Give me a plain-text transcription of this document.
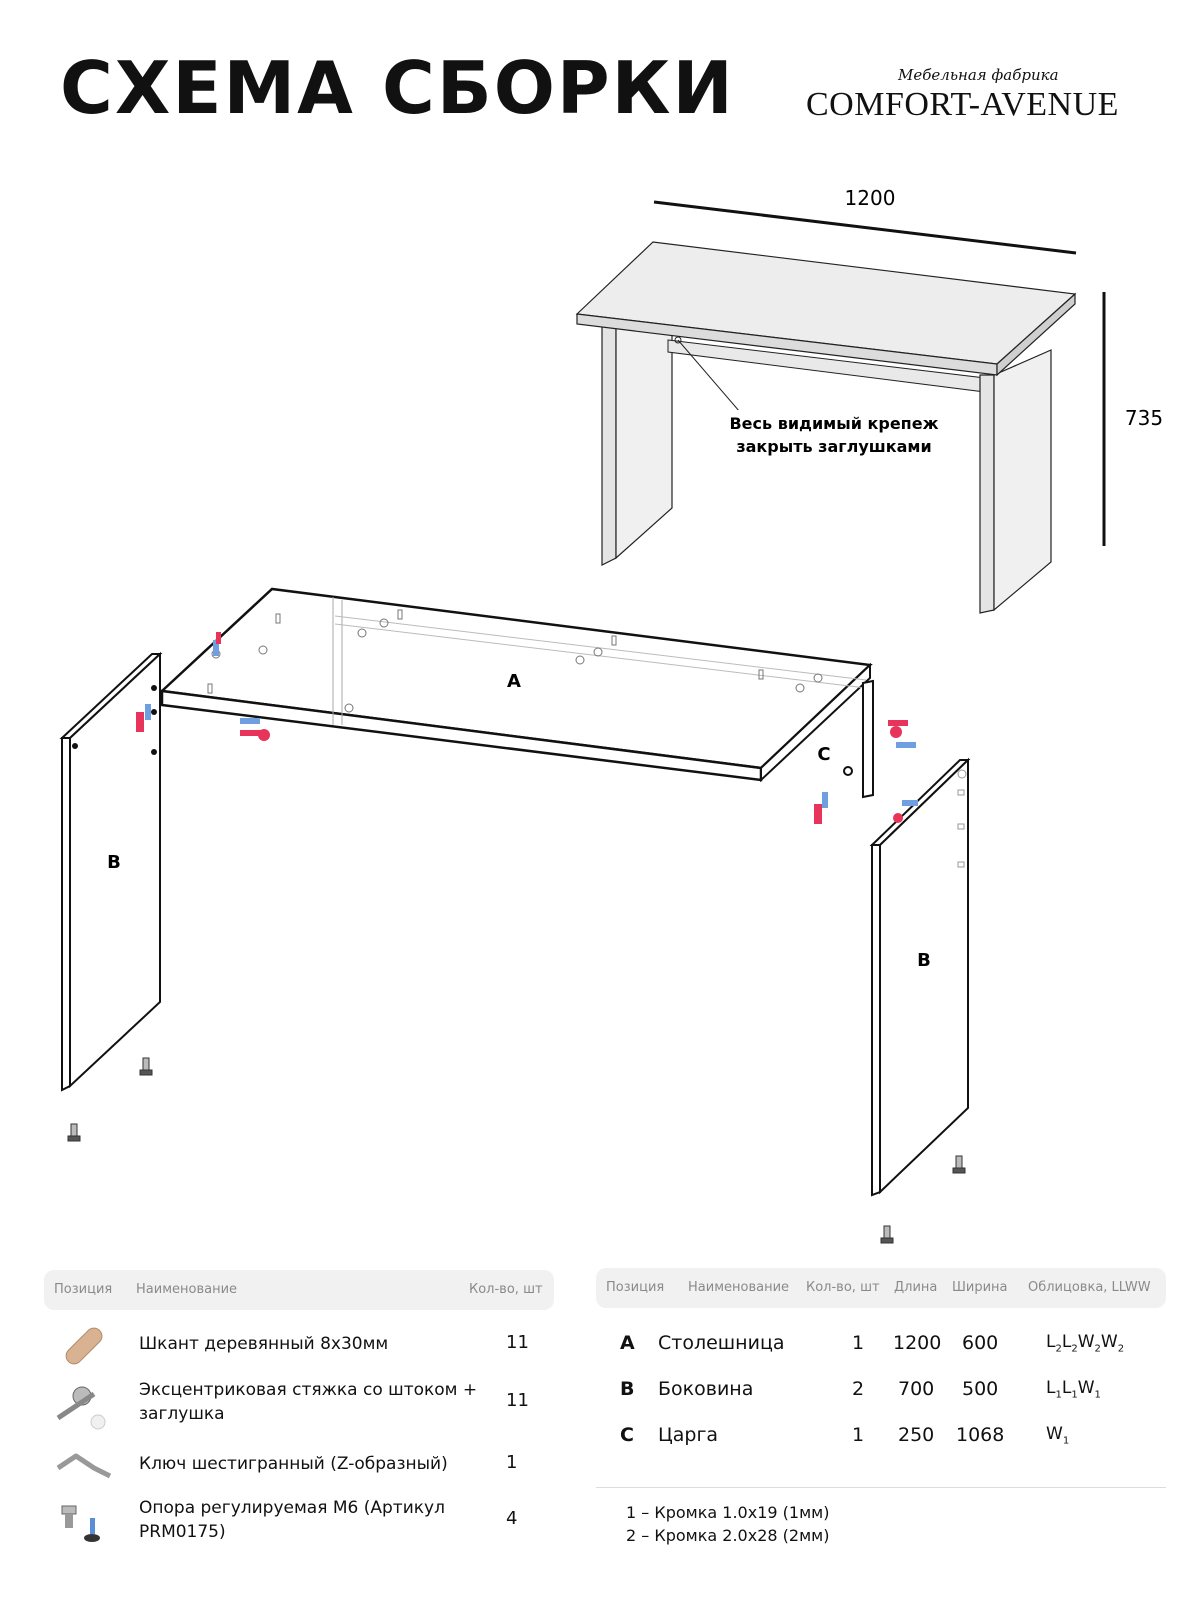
СХЕМА СБОРКИ	Мебельная фабрика
COMFORT-AVENUE
1200
735
Весь видимый крепеж
закрыть заглушками
A
C
B
B
Позиция Наименование	Кол-во, шт
Шкант деревянный 8x30мм	11
Эксцентриковая стяжка со штоком + заглушка
11
Ключ шестигранный (Z-образный)	1
Опора регулируемая М6 (Артикул PRM0175)
4
Позиция Наименование Кол-во, шт Длина Ширина Облицовка, LLWW
A Столешница	1 1200 600	$L_2L_2W_2W_2$
B Боковина	2 700 500	$L_1L_1W_1$
C Царга	1 250 1068 $W_1$
1 – Кромка 1.0x19 (1мм)
2 – Кромка 2.0x28 (2мм)
